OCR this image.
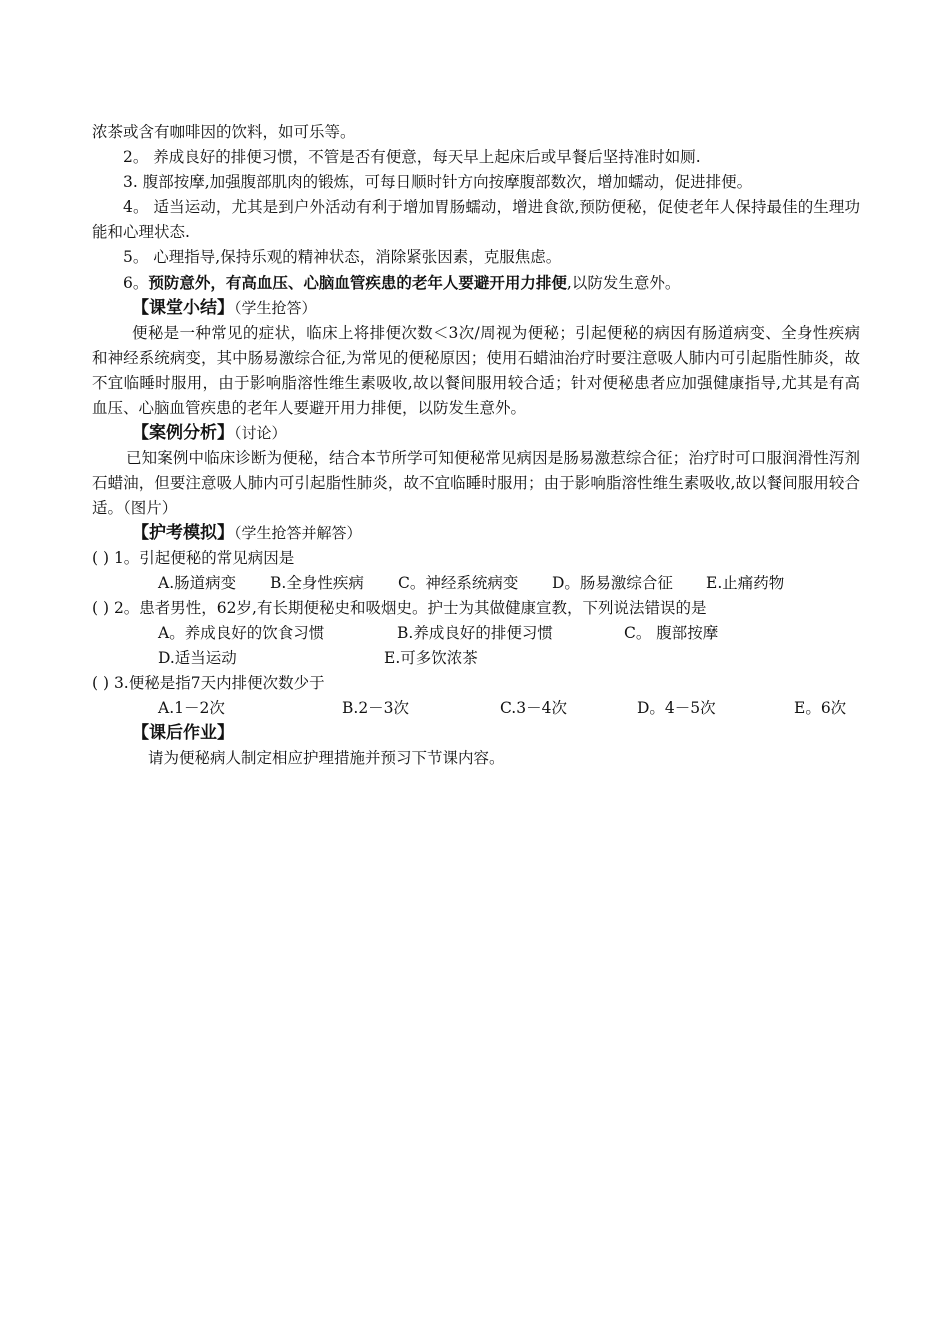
浓茶或含有咖啡因的饮料，如可乐等。

2。 养成良好的排便习惯，不管是否有便意，每天早上起床后或早餐后坚持准时如厕.

3. 腹部按摩,加强腹部肌肉的锻炼，可每日顺时针方向按摩腹部数次，增加蠕动，促进排便。

4。 适当运动，尤其是到户外活动有利于增加胃肠蠕动，增进食欲,预防便秘，促使老年人保持最佳的生理功能和心理状态.

5。 心理指导,保持乐观的精神状态，消除紧张因素，克服焦虑。

6。预防意外，有高血压、心脑血管疾患的老年人要避开用力排便,以防发生意外。

【课堂小结】（学生抢答）

便秘是一种常见的症状，临床上将排便次数＜3次/周视为便秘；引起便秘的病因有肠道病变、全身性疾病和神经系统病变，其中肠易激综合征,为常见的便秘原因；使用石蜡油治疗时要注意吸人肺内可引起脂性肺炎，故不宜临睡时服用，由于影响脂溶性维生素吸收,故以餐间服用较合适；针对便秘患者应加强健康指导,尤其是有高血压、心脑血管疾患的老年人要避开用力排便，以防发生意外。

【案例分析】（讨论）

已知案例中临床诊断为便秘，结合本节所学可知便秘常见病因是肠易激惹综合征；治疗时可口服润滑性泻剂石蜡油，但要注意吸人肺内可引起脂性肺炎，故不宜临睡时服用；由于影响脂溶性维生素吸收,故以餐间服用较合适。（图片）

【护考模拟】（学生抢答并解答）

( ) 1。引起便秘的常见病因是

A.肠道病变 B.全身性疾病 C。神经系统病变 D。肠易激综合征 E.止痛药物

( ) 2。患者男性，62岁,有长期便秘史和吸烟史。护士为其做健康宣教，下列说法错误的是

A。养成良好的饮食习惯	B.养成良好的排便习惯	C。 腹部按摩
D.适当运动	E.可多饮浓茶

( ) 3.便秘是指7天内排便次数少于

A.1－2次	B.2－3次	C.3－4次	D。4－5次	E。6次

【课后作业】

请为便秘病人制定相应护理措施并预习下节课内容。
